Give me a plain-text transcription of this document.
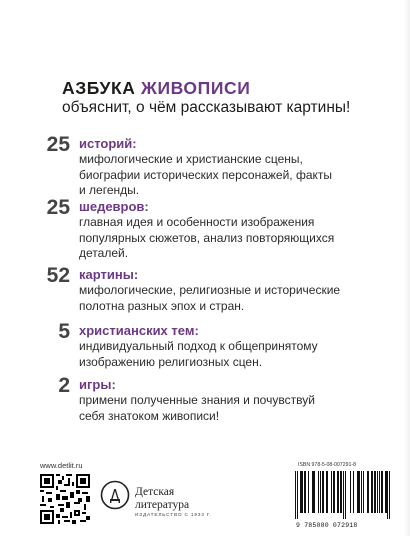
АЗБУКА ЖИВОПИСИ

объяснит, о чём рассказывают картины!

25 историй:

мифологические и христианские сцены,
биографии исторических персонажей, факты
и легенды.

25 шедевров:

главная идея и особенности изображения
популярных сюжетов, анализ повторяющихся
деталей.

52 картины:

мифологические, религиозные и исторические
полотна разных эпох и стран.

5 христианских тем:

индивидуальный подход к общепринятому
изображению религиозных сцен.

2 игры:

примени полученные знания и почувствуй
себя знатоком живописи!

www.detlit.ru

Детская
литература

ИЗДАТЕЛЬСТВО С 1933 Г.
ISBN 978-5-08-007291-8
9 785080 072918
